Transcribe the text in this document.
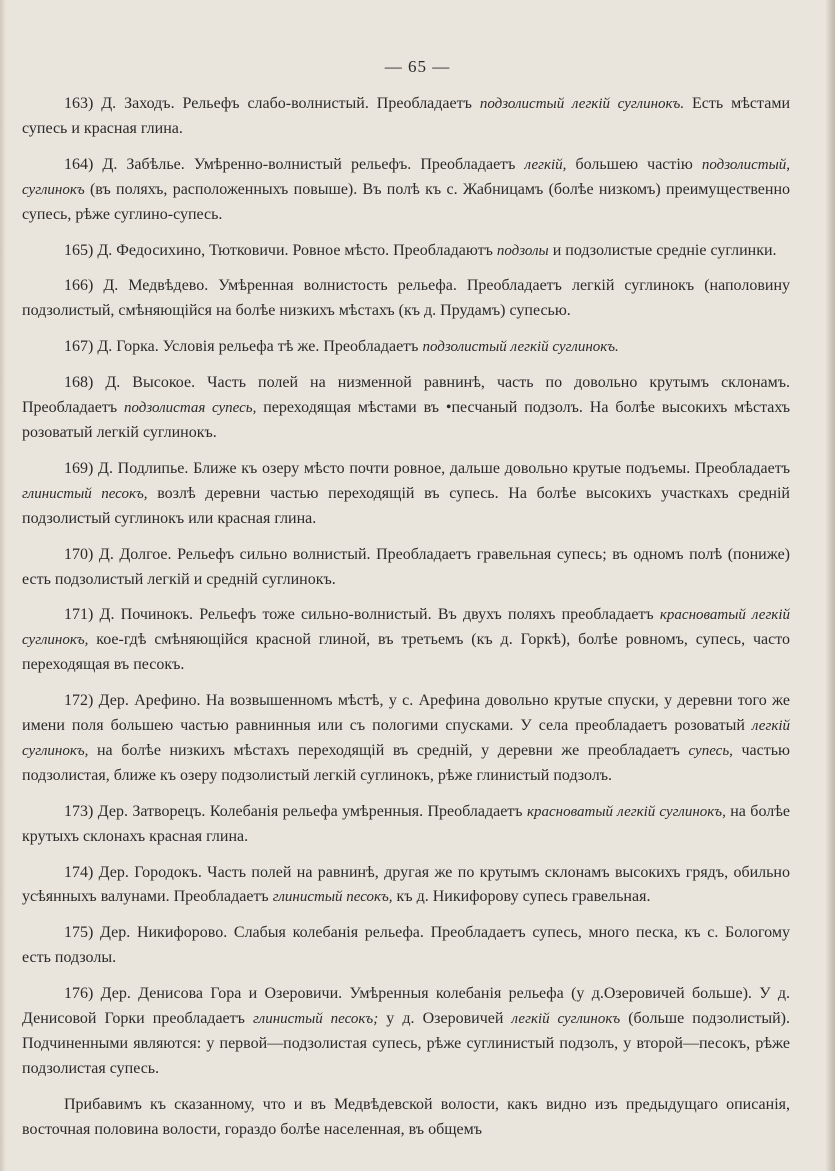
— 65 —

163) Д. Заходъ. Рельефъ слабо-волнистый. Преобладаетъ подзолистый легкій суглинокъ. Есть мѣстами супесь и красная глина.

164) Д. Забѣлье. Умѣренно-волнистый рельефъ. Преобладаетъ легкій, большею частію подзолистый, суглинокъ (въ поляхъ, расположенныхъ повыше). Въ полѣ къ с. Жабницамъ (болѣе низкомъ) преимущественно супесь, рѣже суглино-супесь.

165) Д. Федосихино, Тютковичи. Ровное мѣсто. Преобладаютъ подзолы и подзолистые средніе суглинки.

166) Д. Медвѣдево. Умѣренная волнистость рельефа. Преобладаетъ легкій суглинокъ (наполовину подзолистый, смѣняющійся на болѣе низкихъ мѣстахъ (къ д. Прудамъ) супесью.

167) Д. Горка. Условія рельефа тѣ же. Преобладаетъ подзолистый легкій суглинокъ.

168) Д. Высокое. Часть полей на низменной равнинѣ, часть по довольно крутымъ склонамъ. Преобладаетъ подзолистая супесь, переходящая мѣстами въ •песчаный подзолъ. На болѣе высокихъ мѣстахъ розоватый легкій суглинокъ.

169) Д. Подлипье. Ближе къ озеру мѣсто почти ровное, дальше довольно крутые подъемы. Преобладаетъ глинистый песокъ, возлѣ деревни частью переходящій въ супесь. На болѣе высокихъ участкахъ средній подзолистый суглинокъ или красная глина.

170) Д. Долгое. Рельефъ сильно волнистый. Преобладаетъ гравельная супесь; въ одномъ полѣ (пониже) есть подзолистый легкій и средній суглинокъ.

171) Д. Починокъ. Рельефъ тоже сильно-волнистый. Въ двухъ поляхъ преобладаетъ красноватый легкій суглинокъ, кое-гдѣ смѣняющійся красной глиной, въ третьемъ (къ д. Горкѣ), болѣе ровномъ, супесь, часто переходящая въ песокъ.

172) Дер. Арефино. На возвышенномъ мѣстѣ, у с. Арефина довольно крутые спуски, у деревни того же имени поля большею частью равнинныя или съ пологими спусками. У села преобладаетъ розоватый легкій суглинокъ, на болѣе низкихъ мѣстахъ переходящій въ средній, у деревни же преобладаетъ супесь, частью подзолистая, ближе къ озеру подзолистый легкій суглинокъ, рѣже глинистый подзолъ.

173) Дер. Затворецъ. Колебанія рельефа умѣренныя. Преобладаетъ красноватый легкій суглинокъ, на болѣе крутыхъ склонахъ красная глина.

174) Дер. Городокъ. Часть полей на равнинѣ, другая же по крутымъ склонамъ высокихъ грядъ, обильно усѣянныхъ валунами. Преобладаетъ глинистый песокъ, къ д. Никифорову супесь гравельная.

175) Дер. Никифорово. Слабыя колебанія рельефа. Преобладаетъ супесь, много песка, къ с. Бологому есть подзолы.

176) Дер. Денисова Гора и Озеровичи. Умѣренныя колебанія рельефа (у д.Озеровичей больше). У д. Денисовой Горки преобладаетъ глинистый песокъ; у д. Озеровичей легкій суглинокъ (больше подзолистый). Подчиненными являются: у первой—подзолистая супесь, рѣже суглинистый подзолъ, у второй—песокъ, рѣже подзолистая супесь.

Прибавимъ къ сказанному, что и въ Медвѣдевской волости, какъ видно изъ предыдущаго описанія, восточная половина волости, гораздо болѣе населенная, въ общемъ
